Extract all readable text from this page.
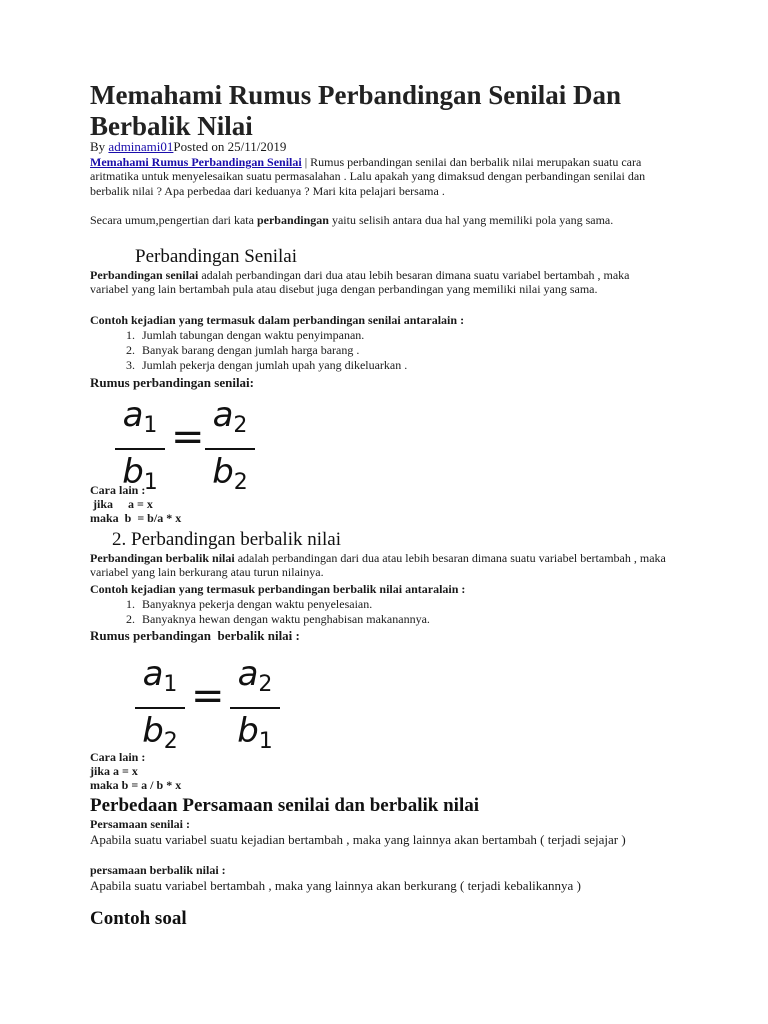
Memahami Rumus Perbandingan Senilai Dan Berbalik Nilai
By adminami01Posted on 25/11/2019

Memahami Rumus Perbandingan Senilai | Rumus perbandingan senilai dan berbalik nilai merupakan suatu cara aritmatika untuk menyelesaikan suatu permasalahan . Lalu apakah yang dimaksud dengan perbandingan senilai dan berbalik nilai ? Apa perbedaa dari keduanya ? Mari kita pelajari bersama .

Secara umum,pengertian dari kata perbandingan yaitu selisih antara dua hal yang memiliki pola yang sama.

Perbandingan Senilai

Perbandingan senilai adalah perbandingan dari dua atau lebih besaran dimana suatu variabel bertambah , maka variabel yang lain bertambah pula atau disebut juga dengan perbandingan yang memiliki nilai yang sama.

Contoh kejadian yang termasuk dalam perbandingan senilai antaralain :
1. Jumlah tabungan dengan waktu penyimpanan.
2. Banyak barang dengan jumlah harga barang .
3. Jumlah pekerja dengan jumlah upah yang dikeluarkan .
Rumus perbandingan senilai:
$a_1$
$b_1$
= $a_2$
$b_2$
Cara lain :
jika     a = x
maka  b  = b/a * x
2. Perbandingan berbalik nilai

Perbandingan berbalik nilai adalah perbandingan dari dua atau lebih besaran dimana suatu variabel bertambah , maka variabel yang lain berkurang atau turun nilainya.

Contoh kejadian yang termasuk perbandingan berbalik nilai antaralain :
1. Banyaknya pekerja dengan waktu penyelesaian.
2. Banyaknya hewan dengan waktu penghabisan makanannya.
Rumus perbandingan  berbalik nilai :
$a_1$
$b_2$
= $a_2$
$b_1$
Cara lain :
jika a = x
maka b = a / b * x
Perbedaan Persamaan senilai dan berbalik nilai
Persamaan senilai :

Apabila suatu variabel suatu kejadian bertambah , maka yang lainnya akan bertambah ( terjadi sejajar )

persamaan berbalik nilai :

Apabila suatu variabel bertambah , maka yang lainnya akan berkurang ( terjadi kebalikannya )

Contoh soal
